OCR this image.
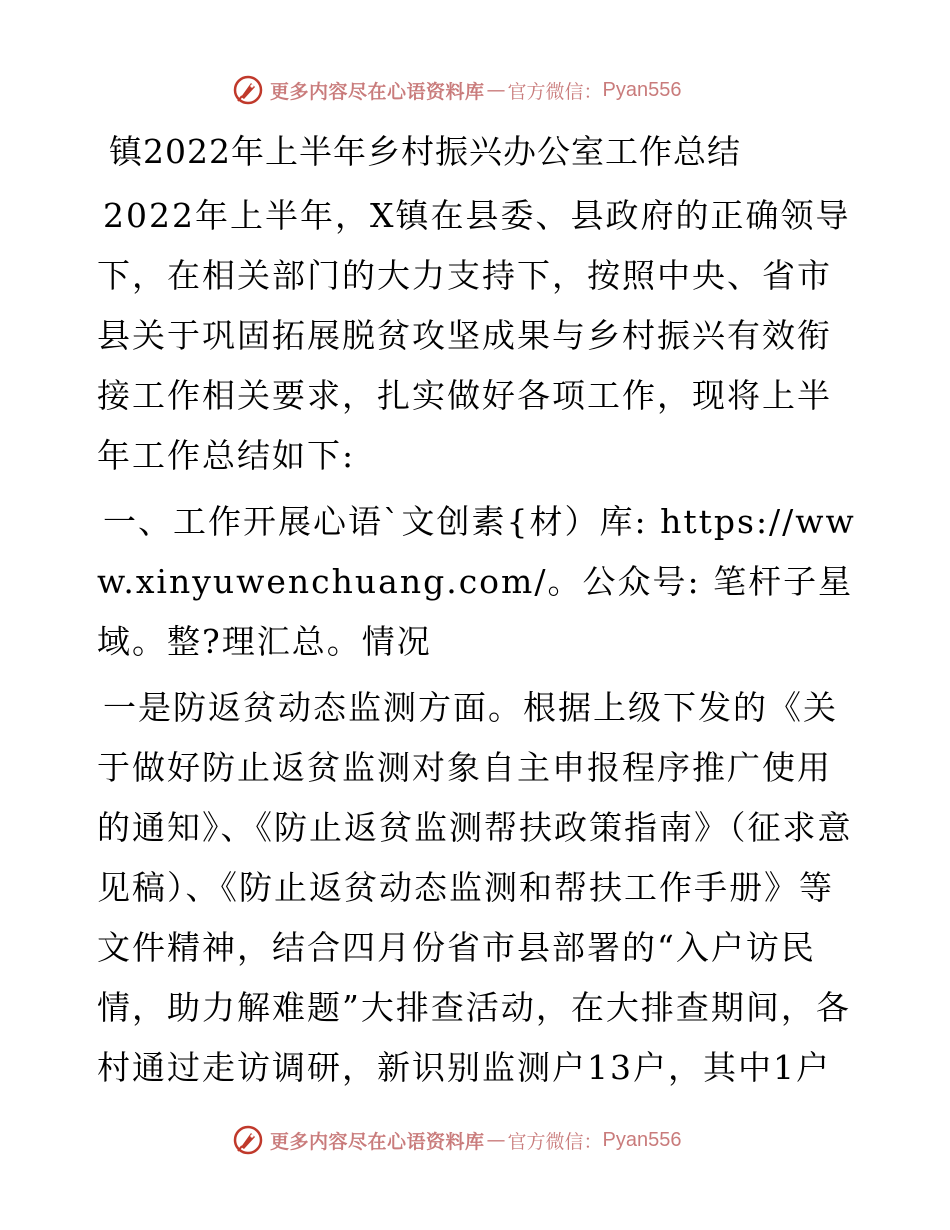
更多内容尽在心语资料库 — 官方微信： Pyan556
镇2022年上半年乡村振兴办公室工作总结

2022年上半年，X镇在县委、县政府的正确领导下，在相关部门的大力支持下，按照中央、省市县关于巩固拓展脱贫攻坚成果与乡村振兴有效衔接工作相关要求，扎实做好各项工作，现将上半年工作总结如下:

一、工作开展心语`文创素{材）库: https://www.xinyuwenchuang.com/。公众号: 笔杆子星域。整?理汇总。情况

一是防返贫动态监测方面。根据上级下发的《关于做好防止返贫监测对象自主申报程序推广使用的通知》、《防止返贫监测帮扶政策指南》（征求意见稿）、《防止返贫动态监测和帮扶工作手册》等文件精神，结合四月份省市县部署的“入户访民情，助力解难题”大排查活动，在大排查期间，各村通过走访调研，新识别监测户13户，其中1户

更多内容尽在心语资料库 — 官方微信： Pyan556
